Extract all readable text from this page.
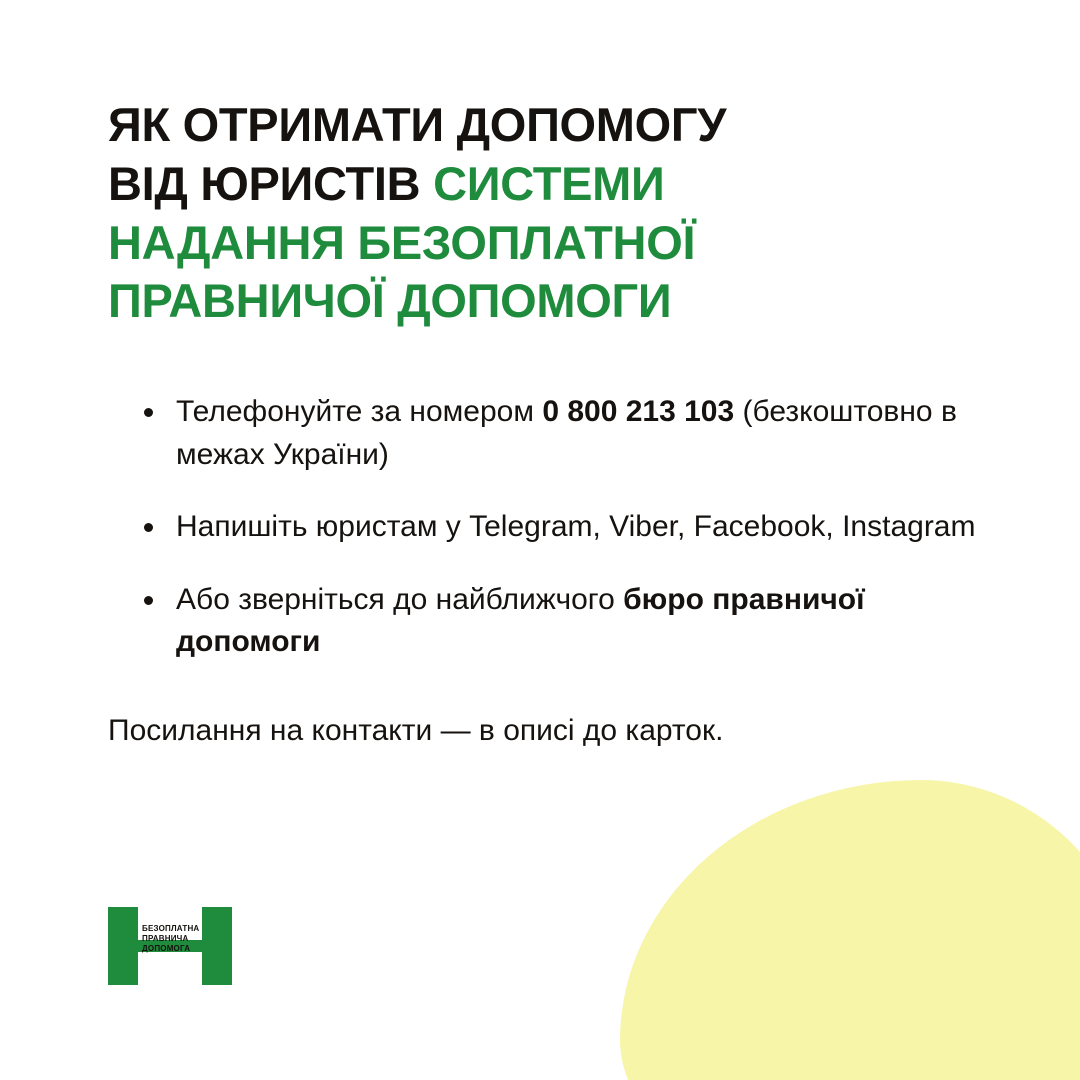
ЯК ОТРИМАТИ ДОПОМОГУ
ВІД ЮРИСТІВ СИСТЕМИ
НАДАННЯ БЕЗОПЛАТНОЇ
ПРАВНИЧОЇ ДОПОМОГИ
Телефонуйте за номером 0 800 213 103 (безкоштовно в межах України)
Напишіть юристам у Telegram, Viber, Facebook, Instagram
Або зверніться до найближчого бюро правничої допомоги

Посилання на контакти — в описі до карток.

БЕЗОПЛАТНА
ПРАВНИЧА
ДОПОМОГА
